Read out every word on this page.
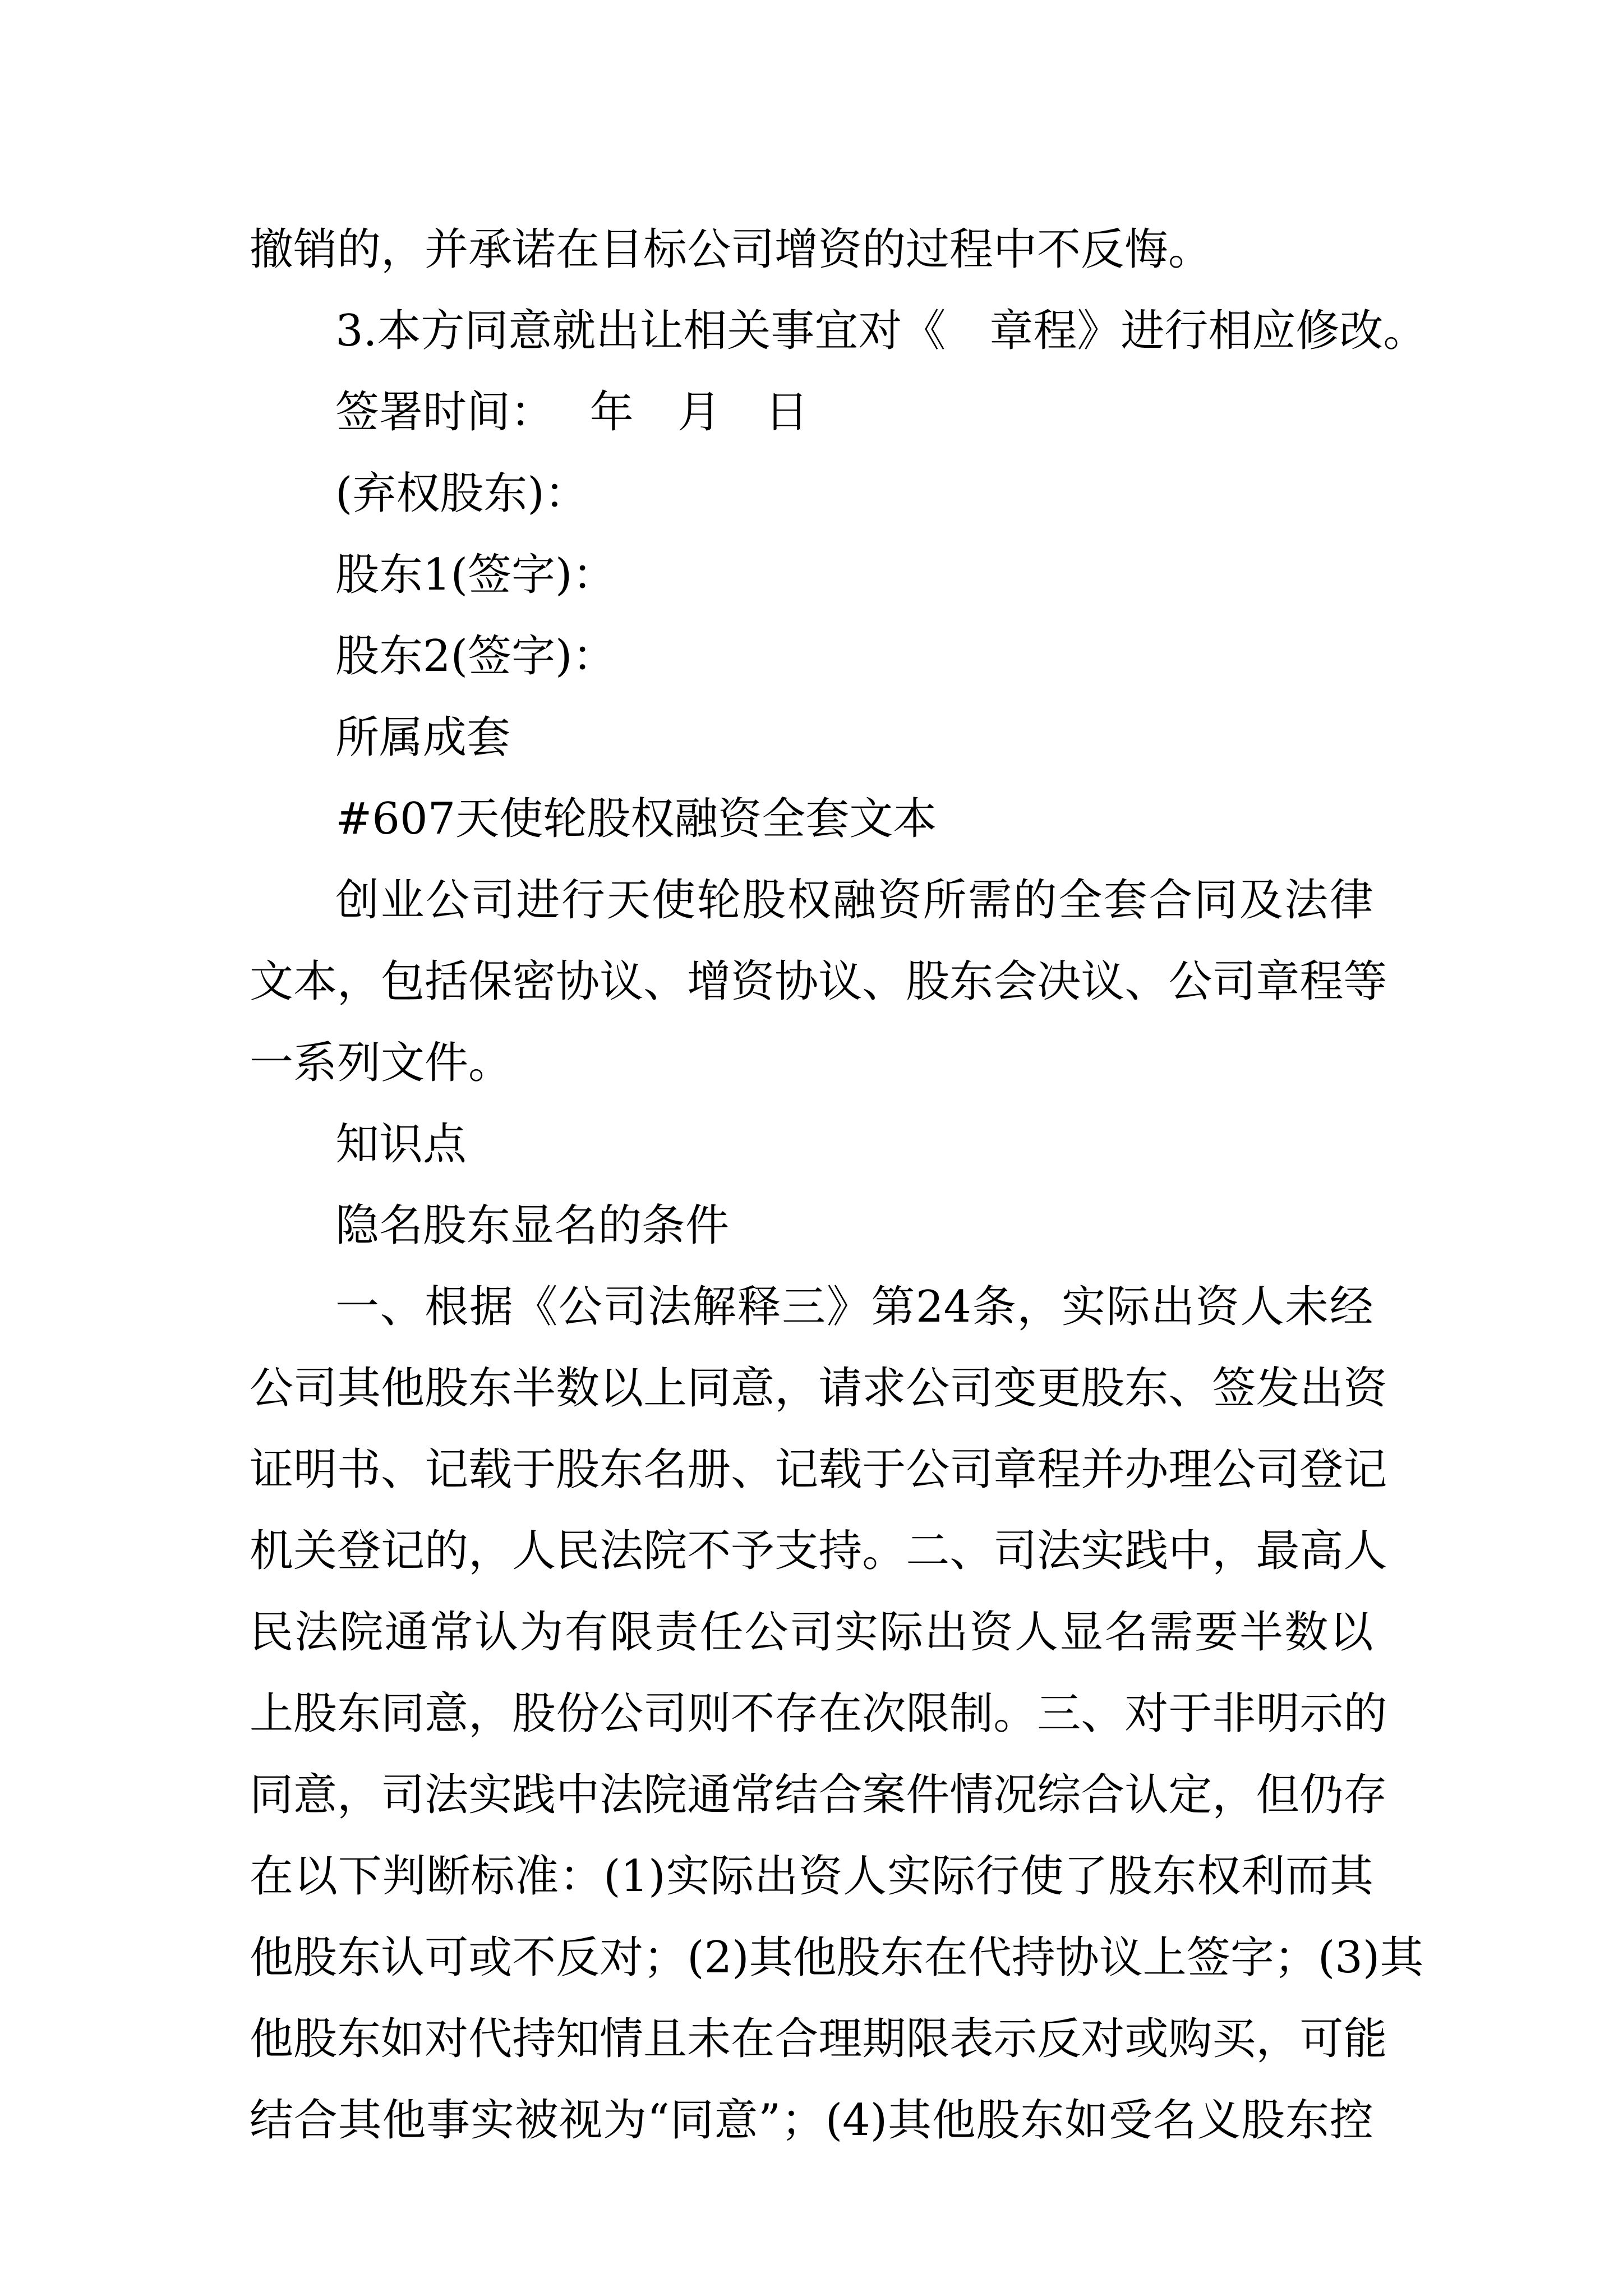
撤销的，并承诺在目标公司增资的过程中不反悔。
3.本方同意就出让相关事宜对《　章程》进行相应修改。
签署时间：　 年　月　日
(弃权股东)：
股东1(签字)：
股东2(签字)：
所属成套
#607天使轮股权融资全套文本
创 业 公 司 进 行 天 使 轮 股 权 融 资 所 需 的 全 套 合 同 及 法 律
文 本 ， 包 括 保 密 协 议 、 增 资 协 议 、 股 东 会 决 议 、 公 司 章 程 等
一系列文件。
知识点
隐名股东显名的条件
一 、 根 据 《 公 司 法 解 释 三 》 第 24 条 ， 实 际 出 资 人 未 经
公 司 其 他 股 东 半 数 以 上 同 意 ， 请 求 公 司 变 更 股 东 、 签 发 出 资
证 明 书 、 记 载 于 股 东 名 册 、 记 载 于 公 司 章 程 并 办 理 公 司 登 记
机 关 登 记 的 ， 人 民 法 院 不 予 支 持 。 二 、 司 法 实 践 中 ， 最 高 人
民 法 院 通 常 认 为 有 限 责 任 公 司 实 际 出 资 人 显 名 需 要 半 数 以
上 股 东 同 意 ， 股 份 公 司 则 不 存 在 次 限 制 。 三 、 对 于 非 明 示 的
同 意 ， 司 法 实 践 中 法 院 通 常 结 合 案 件 情 况 综 合 认 定 ， 但 仍 存
在 以 下 判 断 标 准 ： (1) 实 际 出 资 人 实 际 行 使 了 股 东 权 利 而 其
他 股 东 认 可 或 不 反 对 ； (2) 其 他 股 东 在 代 持 协 议 上 签 字 ； (3) 其
他 股 东 如 对 代 持 知 情 且 未 在 合 理 期 限 表 示 反 对 或 购 买 ， 可 能
结 合 其 他 事 实 被 视 为 “ 同 意 ” ； (4) 其 他 股 东 如 受 名 义 股 东 控
